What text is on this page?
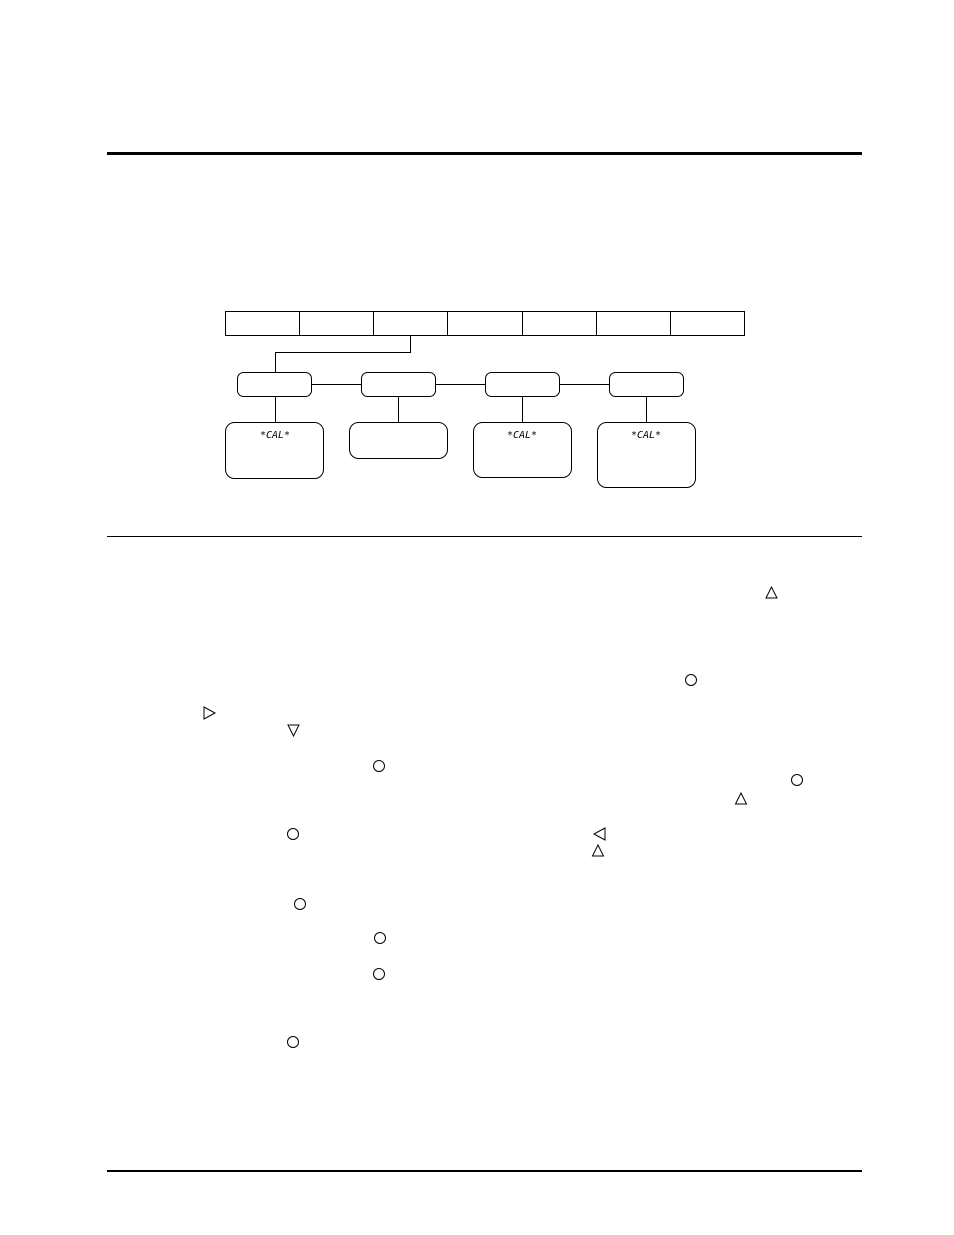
*CAL*	*CAL*	*CAL*
